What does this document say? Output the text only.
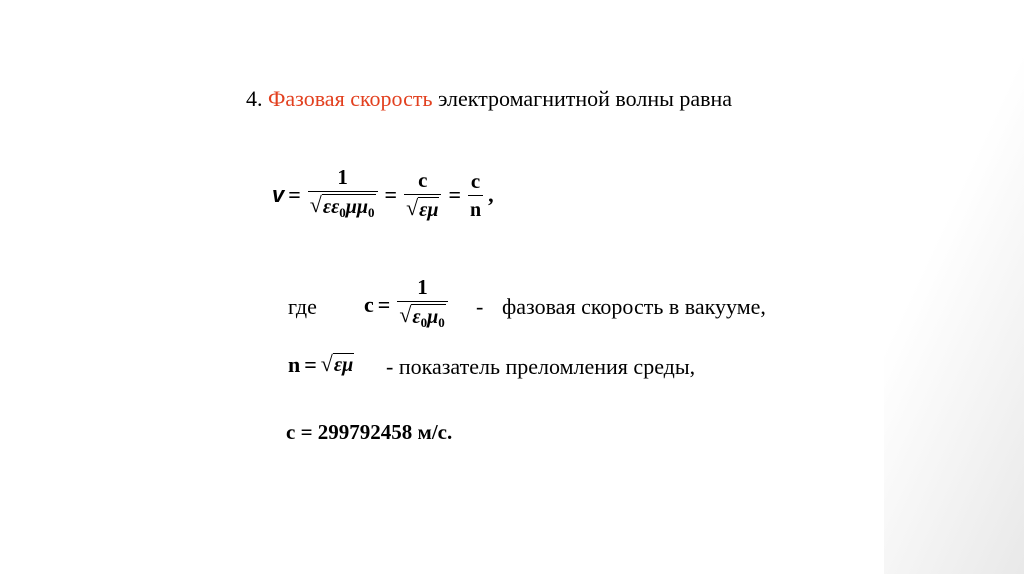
4. Фазовая скорость электромагнитной волны равна
$v = \frac{1}{√ \varepsilon\varepsilon_0\mu\mu_0} = \frac{c}{√ \varepsilon\mu} = \frac{c}{n}$ ,
где $c = \frac{1}{√ \varepsilon_0\mu_0}$ - фазовая скорость в вакууме,
n = √ εμ - показатель преломления среды,
c = 299792458 м/с.
